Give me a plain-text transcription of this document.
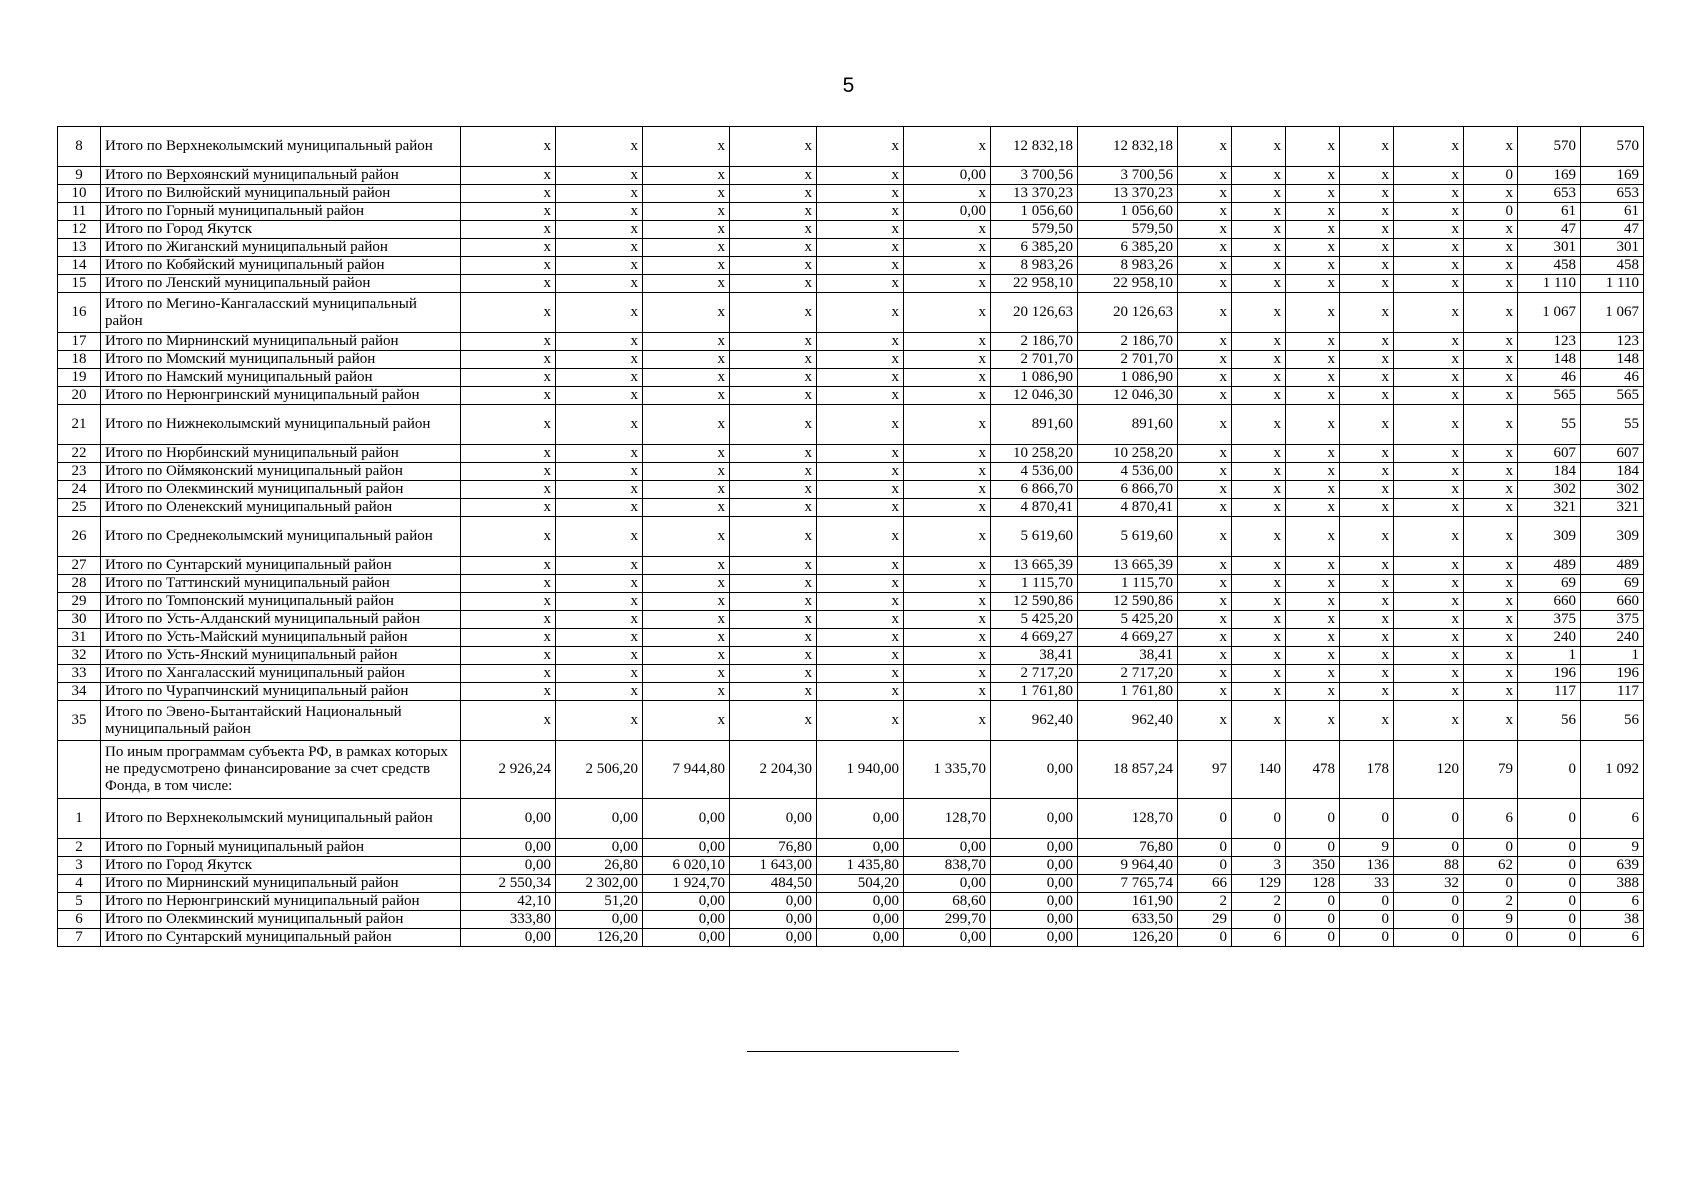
5
8	Итого по Верхнеколымский муниципальный район	x	x	x	x	x	x	12 832,18	12 832,18	x	x	x	x	x	x	570	570
9	Итого по Верхоянский муниципальный район	x	x	x	x	x	0,00	3 700,56	3 700,56	x	x	x	x	x	0	169	169
10	Итого по Вилюйский муниципальный район	x	x	x	x	x	x	13 370,23	13 370,23	x	x	x	x	x	x	653	653
11	Итого по Горный муниципальный район	x	x	x	x	x	0,00	1 056,60	1 056,60	x	x	x	x	x	0	61	61
12	Итого по Город Якутск	x	x	x	x	x	x	579,50	579,50	x	x	x	x	x	x	47	47
13	Итого по Жиганский муниципальный район	x	x	x	x	x	x	6 385,20	6 385,20	x	x	x	x	x	x	301	301
14	Итого по Кобяйский муниципальный район	x	x	x	x	x	x	8 983,26	8 983,26	x	x	x	x	x	x	458	458
15	Итого по Ленский муниципальный район	x	x	x	x	x	x	22 958,10	22 958,10	x	x	x	x	x	x	1 110	1 110
16	Итого по Мегино-Кангаласский муниципальный район	x	x	x	x	x	x	20 126,63	20 126,63	x	x	x	x	x	x	1 067	1 067
17	Итого по Мирнинский муниципальный район	x	x	x	x	x	x	2 186,70	2 186,70	x	x	x	x	x	x	123	123
18	Итого по Момский муниципальный район	x	x	x	x	x	x	2 701,70	2 701,70	x	x	x	x	x	x	148	148
19	Итого по Намский муниципальный район	x	x	x	x	x	x	1 086,90	1 086,90	x	x	x	x	x	x	46	46
20	Итого по Нерюнгринский муниципальный район	x	x	x	x	x	x	12 046,30	12 046,30	x	x	x	x	x	x	565	565
21	Итого по Нижнеколымский муниципальный район	x	x	x	x	x	x	891,60	891,60	x	x	x	x	x	x	55	55
22	Итого по Нюрбинский муниципальный район	x	x	x	x	x	x	10 258,20	10 258,20	x	x	x	x	x	x	607	607
23	Итого по Оймяконский муниципальный район	x	x	x	x	x	x	4 536,00	4 536,00	x	x	x	x	x	x	184	184
24	Итого по Олекминский муниципальный район	x	x	x	x	x	x	6 866,70	6 866,70	x	x	x	x	x	x	302	302
25	Итого по Оленекский муниципальный район	x	x	x	x	x	x	4 870,41	4 870,41	x	x	x	x	x	x	321	321
26	Итого по Среднеколымский муниципальный район	x	x	x	x	x	x	5 619,60	5 619,60	x	x	x	x	x	x	309	309
27	Итого по Сунтарский муниципальный район	x	x	x	x	x	x	13 665,39	13 665,39	x	x	x	x	x	x	489	489
28	Итого по Таттинский муниципальный район	x	x	x	x	x	x	1 115,70	1 115,70	x	x	x	x	x	x	69	69
29	Итого по Томпонский муниципальный район	x	x	x	x	x	x	12 590,86	12 590,86	x	x	x	x	x	x	660	660
30	Итого по Усть-Алданский муниципальный район	x	x	x	x	x	x	5 425,20	5 425,20	x	x	x	x	x	x	375	375
31	Итого по Усть-Майский муниципальный район	x	x	x	x	x	x	4 669,27	4 669,27	x	x	x	x	x	x	240	240
32	Итого по Усть-Янский муниципальный район	x	x	x	x	x	x	38,41	38,41	x	x	x	x	x	x	1	1
33	Итого по Хангаласский муниципальный район	x	x	x	x	x	x	2 717,20	2 717,20	x	x	x	x	x	x	196	196
34	Итого по Чурапчинский муниципальный район	x	x	x	x	x	x	1 761,80	1 761,80	x	x	x	x	x	x	117	117
35	Итого по Эвено-Бытантайский Национальный муниципальный район	x	x	x	x	x	x	962,40	962,40	x	x	x	x	x	x	56	56
	По иным программам субъекта РФ, в рамках которых не предусмотрено финансирование за счет средств Фонда, в том числе:	2 926,24	2 506,20	7 944,80	2 204,30	1 940,00	1 335,70	0,00	18 857,24	97	140	478	178	120	79	0	1 092
1	Итого по Верхнеколымский муниципальный район	0,00	0,00	0,00	0,00	0,00	128,70	0,00	128,70	0	0	0	0	0	6	0	6
2	Итого по Горный муниципальный район	0,00	0,00	0,00	76,80	0,00	0,00	0,00	76,80	0	0	0	9	0	0	0	9
3	Итого по Город Якутск	0,00	26,80	6 020,10	1 643,00	1 435,80	838,70	0,00	9 964,40	0	3	350	136	88	62	0	639
4	Итого по Мирнинский муниципальный район	2 550,34	2 302,00	1 924,70	484,50	504,20	0,00	0,00	7 765,74	66	129	128	33	32	0	0	388
5	Итого по Нерюнгринский муниципальный район	42,10	51,20	0,00	0,00	0,00	68,60	0,00	161,90	2	2	0	0	0	2	0	6
6	Итого по Олекминский муниципальный район	333,80	0,00	0,00	0,00	0,00	299,70	0,00	633,50	29	0	0	0	0	9	0	38
7	Итого по Сунтарский муниципальный район	0,00	126,20	0,00	0,00	0,00	0,00	0,00	126,20	0	6	0	0	0	0	0	6
